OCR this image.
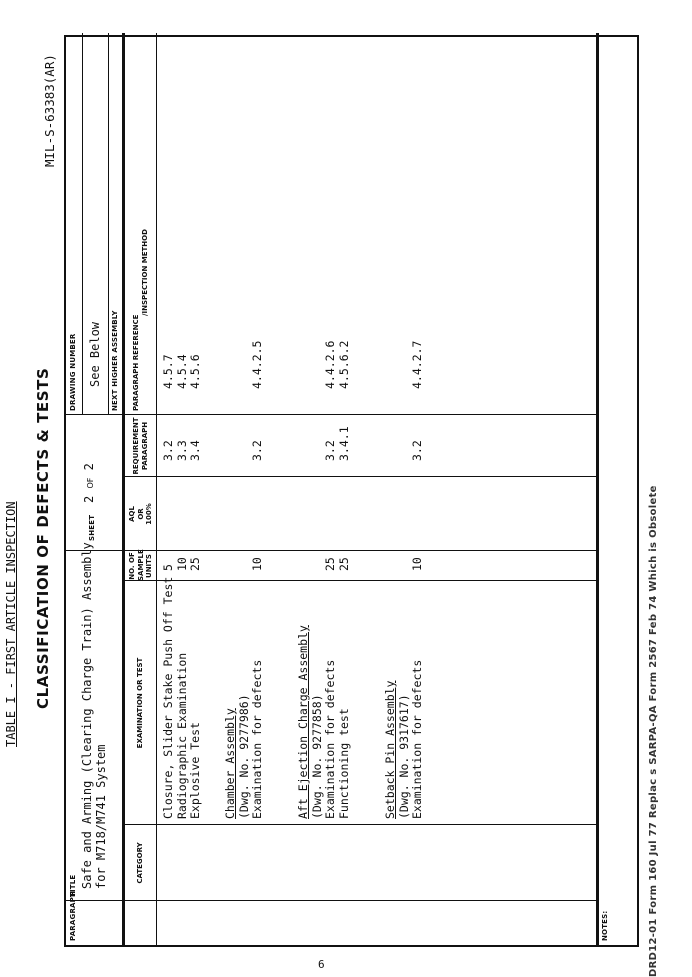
TABLE I - FIRST ARTICLE INSPECTION
MIL-S-63383(AR)
CLASSIFICATION OF DEFECTS & TESTS
PARAGRAPH
TITLE Safe and Arming (Clearing Charge Train) Assembly for M718/M741 System
SHEET
2 OF 2
DRAWING NUMBER See Below NEXT HIGHER ASSEMBLY
CATEGORY
EXAMINATION OR TEST
NO. OF SAMPLE UNITS
AQL OR 100%
REQUIREMENT PARAGRAPH
PARAGRAPH REFERENCE
/INSPECTION METHOD
Closure, Slider Stake Push Off Test Radiographic Examination Explosive Test
5 10 25
3.2 3.3 3.4
4.5.7 4.5.4 4.5.6
Chamber Assembly (Dwg. No. 9277986) Examination for defects
10
3.2
4.4.2.5
Aft Ejection Charge Assembly (Dwg. No. 9277858) Examination for defects Functioning test
25 25
3.2 3.4.1
4.4.2.6 4.5.6.2
Setback Pin Assembly (Dwg. No. 9317617) Examination for defects
10
3.2
4.4.2.7
NOTES:	DRD12-01 Form 160 Jul 77 Replac s SARPA-QA Form 2567 Feb 74 Which is Obsolete
6
